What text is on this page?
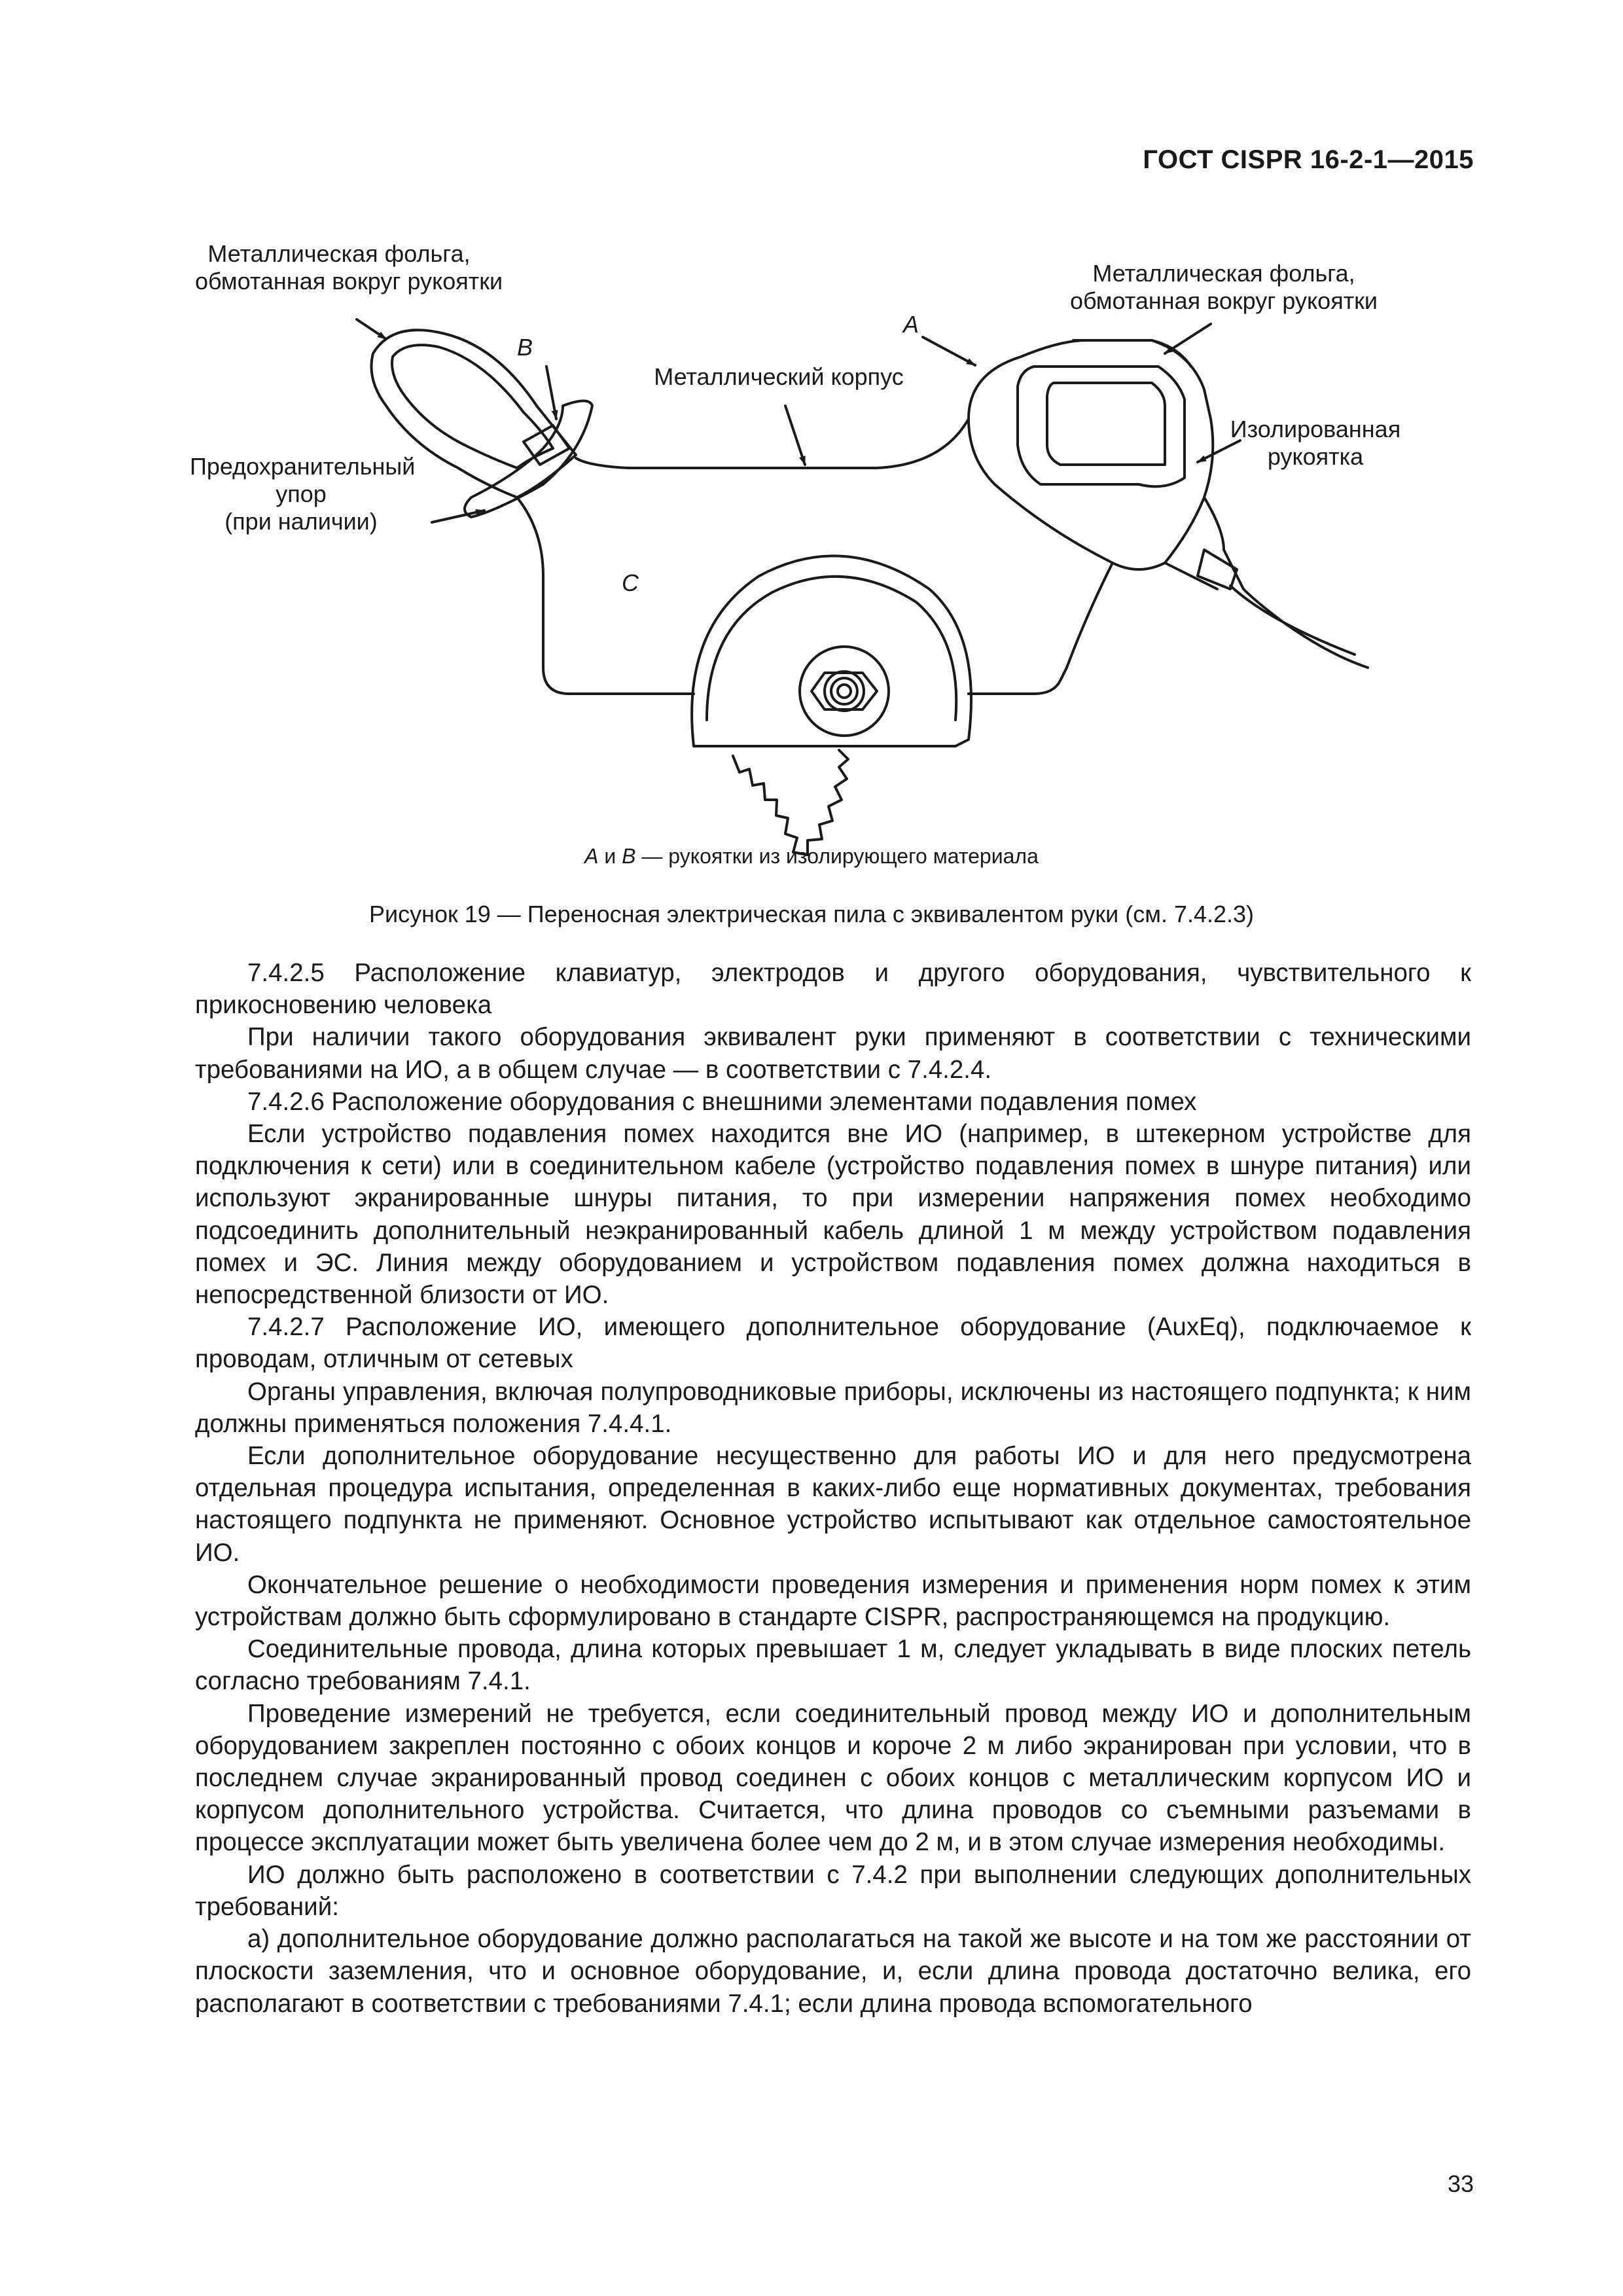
ГОСТ CISPR 16-2-1—2015
Металлическая фольга,
обмотанная вокруг рукоятки	Металлическая фольга,
обмотанная вокруг рукоятки
Металлический корпус
Предохранительный
упор
(при наличии)
Изолированная
рукоятка
A
B
C
A и B — рукоятки из изолирующего материала
Рисунок 19 — Переносная электрическая пила с эквивалентом руки (см. 7.4.2.3)

7.4.2.5 Расположение клавиатур, электродов и другого оборудования, чувствительного к прикосновению человека

При наличии такого оборудования эквивалент руки применяют в соответствии с техническими требованиями на ИО, а в общем случае — в соответствии с 7.4.2.4.

7.4.2.6 Расположение оборудования с внешними элементами подавления помех

Если устройство подавления помех находится вне ИО (например, в штекерном устройстве для подключения к сети) или в соединительном кабеле (устройство подавления помех в шнуре питания) или используют экранированные шнуры питания, то при измерении напряжения помех необходимо подсоединить дополнительный неэкранированный кабель длиной 1 м между устройством подавления помех и ЭС. Линия между оборудованием и устройством подавления помех должна находиться в непосредственной близости от ИО.

7.4.2.7 Расположение ИО, имеющего дополнительное оборудование (AuxEq), подключаемое к проводам, отличным от сетевых

Органы управления, включая полупроводниковые приборы, исключены из настоящего подпункта; к ним должны применяться положения 7.4.4.1.

Если дополнительное оборудование несущественно для работы ИО и для него предусмотрена отдельная процедура испытания, определенная в каких-либо еще нормативных документах, требования настоящего подпункта не применяют. Основное устройство испытывают как отдельное самостоятельное ИО.

Окончательное решение о необходимости проведения измерения и применения норм помех к этим устройствам должно быть сформулировано в стандарте CISPR, распространяющемся на продукцию.

Соединительные провода, длина которых превышает 1 м, следует укладывать в виде плоских петель согласно требованиям 7.4.1.

Проведение измерений не требуется, если соединительный провод между ИО и дополнительным оборудованием закреплен постоянно с обоих концов и короче 2 м либо экранирован при условии, что в последнем случае экранированный провод соединен с обоих концов с металлическим корпусом ИО и корпусом дополнительного устройства. Считается, что длина проводов со съемными разъемами в процессе эксплуатации может быть увеличена более чем до 2 м, и в этом случае измерения необходимы.

ИО должно быть расположено в соответствии с 7.4.2 при выполнении следующих дополнительных требований:

а) дополнительное оборудование должно располагаться на такой же высоте и на том же расстоянии от плоскости заземления, что и основное оборудование, и, если длина провода достаточно велика, его располагают в соответствии с требованиями 7.4.1; если длина провода вспомогательного

33
